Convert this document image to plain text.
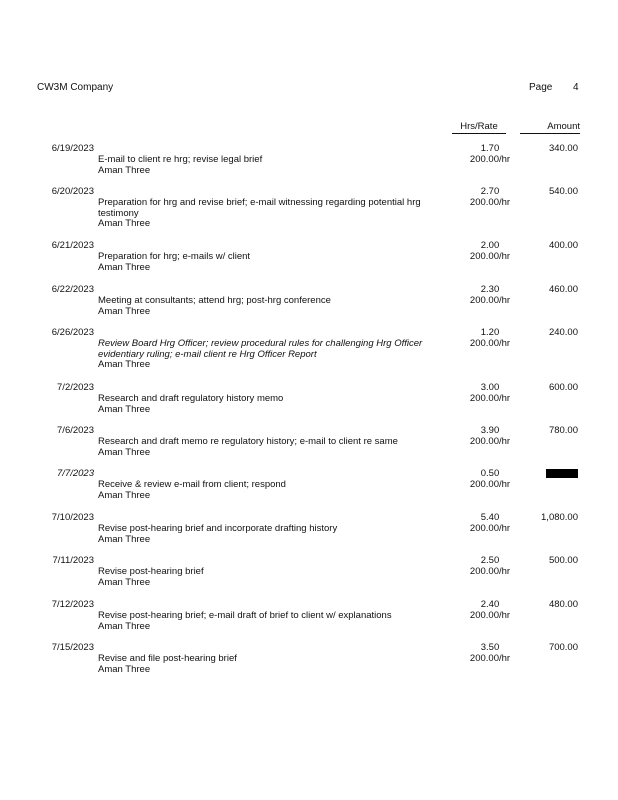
CW3M Company	Page 4
Hrs/Rate	Amount
6/19/2023
E-mail to client re hrg; revise legal brief
Aman Three
1.70
200.00/hr
340.00
6/20/2023
Preparation for hrg and revise brief; e-mail witnessing regarding potential hrg testimony
Aman Three
2.70
200.00/hr
540.00
6/21/2023
Preparation for hrg; e-mails w/ client
Aman Three
2.00
200.00/hr
400.00
6/22/2023
Meeting at consultants; attend hrg; post-hrg conference
Aman Three
2.30
200.00/hr
460.00
6/26/2023
Review Board Hrg Officer; review procedural rules for challenging Hrg Officer evidentiary ruling; e-mail client re Hrg Officer Report
Aman Three
1.20
200.00/hr
240.00
7/2/2023
Research and draft regulatory history memo
Aman Three
3.00
200.00/hr
600.00
7/6/2023
Research and draft memo re regulatory history; e-mail to client re same
Aman Three
3.90
200.00/hr
780.00
7/7/2023
Receive & review e-mail from client; respond
Aman Three
0.50
200.00/hr
7/10/2023
Revise post-hearing brief and incorporate drafting history
Aman Three
5.40
200.00/hr
1,080.00
7/11/2023
Revise post-hearing brief
Aman Three
2.50
200.00/hr
500.00
7/12/2023
Revise post-hearing brief; e-mail draft of brief to client w/ explanations
Aman Three
2.40
200.00/hr
480.00
7/15/2023
Revise and file post-hearing brief
Aman Three
3.50
200.00/hr
700.00
